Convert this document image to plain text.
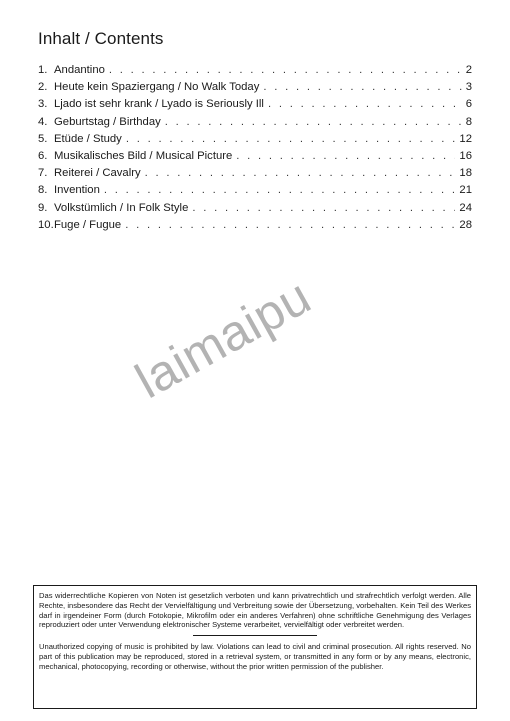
Inhalt / Contents
1. Andantino . . .	2
2. Heute kein Spaziergang / No Walk Today . . .	3
3. Ljado ist sehr krank / Lyado is Seriously Ill . . .	6
4. Geburtstag / Birthday . . .	8
5. Etüde / Study . . .	12
6. Musikalisches Bild / Musical Picture . . .	16
7. Reiterei / Cavalry . . .	18
8. Invention . . .	21
9. Volkstümlich / In Folk Style . . .	24
10. Fuge / Fugue . . .	28
laimaipu

Das widerrechtliche Kopieren von Noten ist gesetzlich verboten und kann privatrechtlich und strafrechtlich verfolgt werden. Alle Rechte, insbesondere das Recht der Vervielfältigung und Verbreitung sowie der Übersetzung, vorbehalten. Kein Teil des Werkes darf in irgendeiner Form (durch Fotokopie, Mikrofilm oder ein anderes Verfahren) ohne schriftliche Genehmigung des Verlages reproduziert oder unter Verwendung elektronischer Systeme verarbeitet, vervielfältigt oder verbreitet werden.

Unauthorized copying of music is prohibited by law. Violations can lead to civil and criminal prosecution. All rights reserved. No part of this publication may be reproduced, stored in a retrieval system, or transmitted in any form or by any means, electronic, mechanical, photocopying, recording or otherwise, without the prior written permission of the publisher.
